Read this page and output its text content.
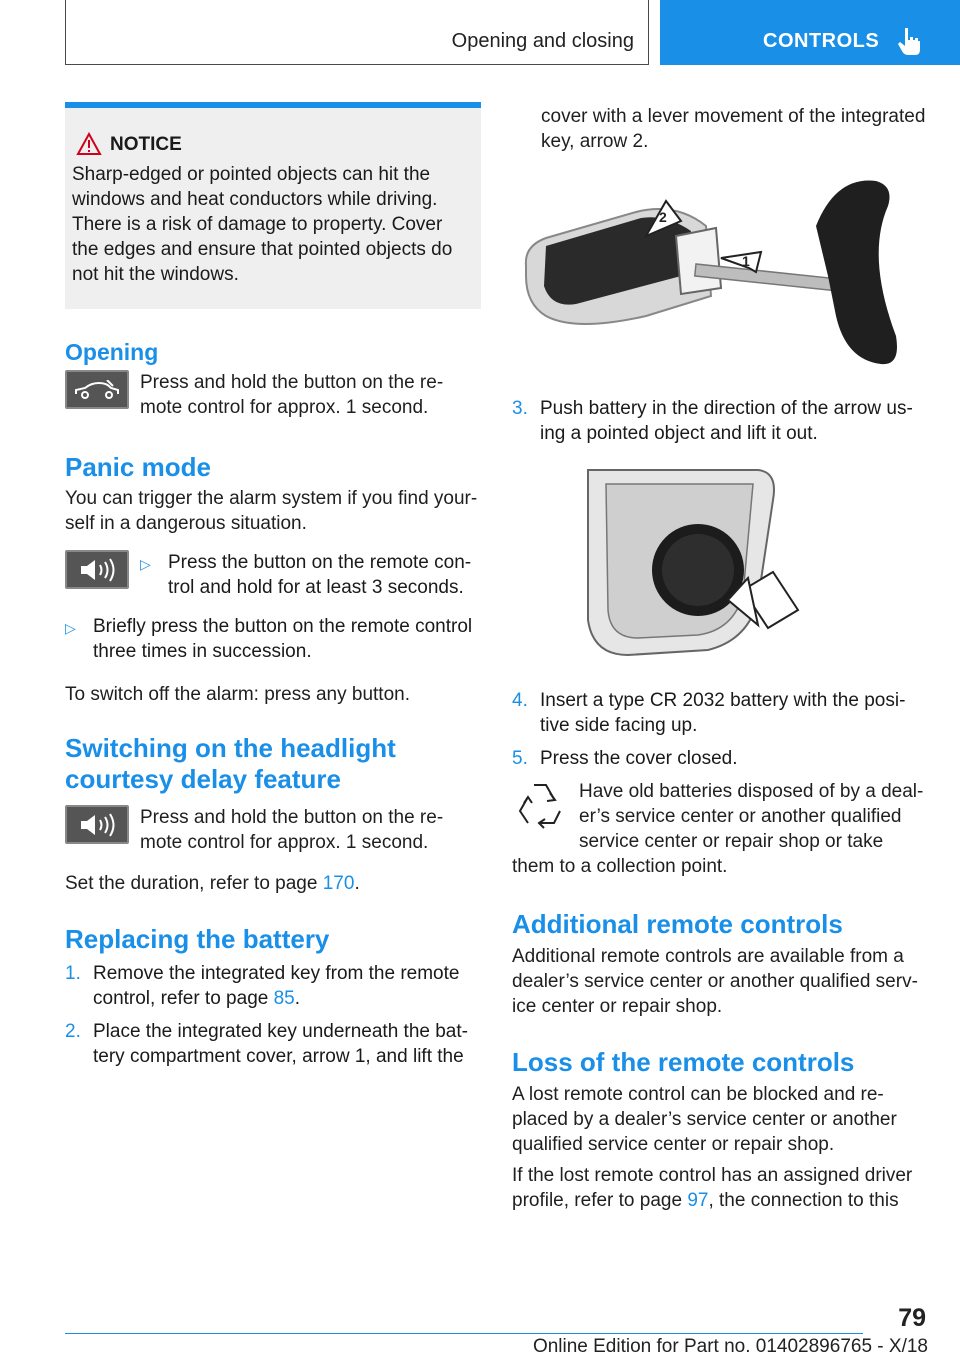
Opening and closing	CONTROLS
NOTICE

Sharp-edged or pointed objects can hit the windows and heat conductors while driving. There is a risk of damage to property. Cover the edges and ensure that pointed objects do not hit the windows.

Opening

Press and hold the button on the re-mote control for approx. 1 second.

Panic mode

You can trigger the alarm system if you find your-self in a dangerous situation.

▷ Press the button on the remote con-trol and hold for at least 3 seconds.
▷ Briefly press the button on the remote control three times in succession.

To switch off the alarm: press any button.

Switching on the headlight courtesy delay feature

Press and hold the button on the re-mote control for approx. 1 second.

Set the duration, refer to page 170.

Replacing the battery
1. Remove the integrated key from the remote control, refer to page 85.
2. Place the integrated key underneath the bat-tery compartment cover, arrow 1, and lift the

cover with a lever movement of the integrated key, arrow 2.

2
1
3. Push battery in the direction of the arrow us-ing a pointed object and lift it out.
4. Insert a type CR 2032 battery with the posi-tive side facing up.
5. Press the cover closed.

Have old batteries disposed of by a deal-er’s service center or another qualified service center or repair shop or take

them to a collection point.

Additional remote controls

Additional remote controls are available from a dealer’s service center or another qualified serv-ice center or repair shop.

Loss of the remote controls

A lost remote control can be blocked and re-placed by a dealer’s service center or another qualified service center or repair shop.

If the lost remote control has an assigned driver profile, refer to page 97, the connection to this

79
Online Edition for Part no. 01402896765 - X/18
